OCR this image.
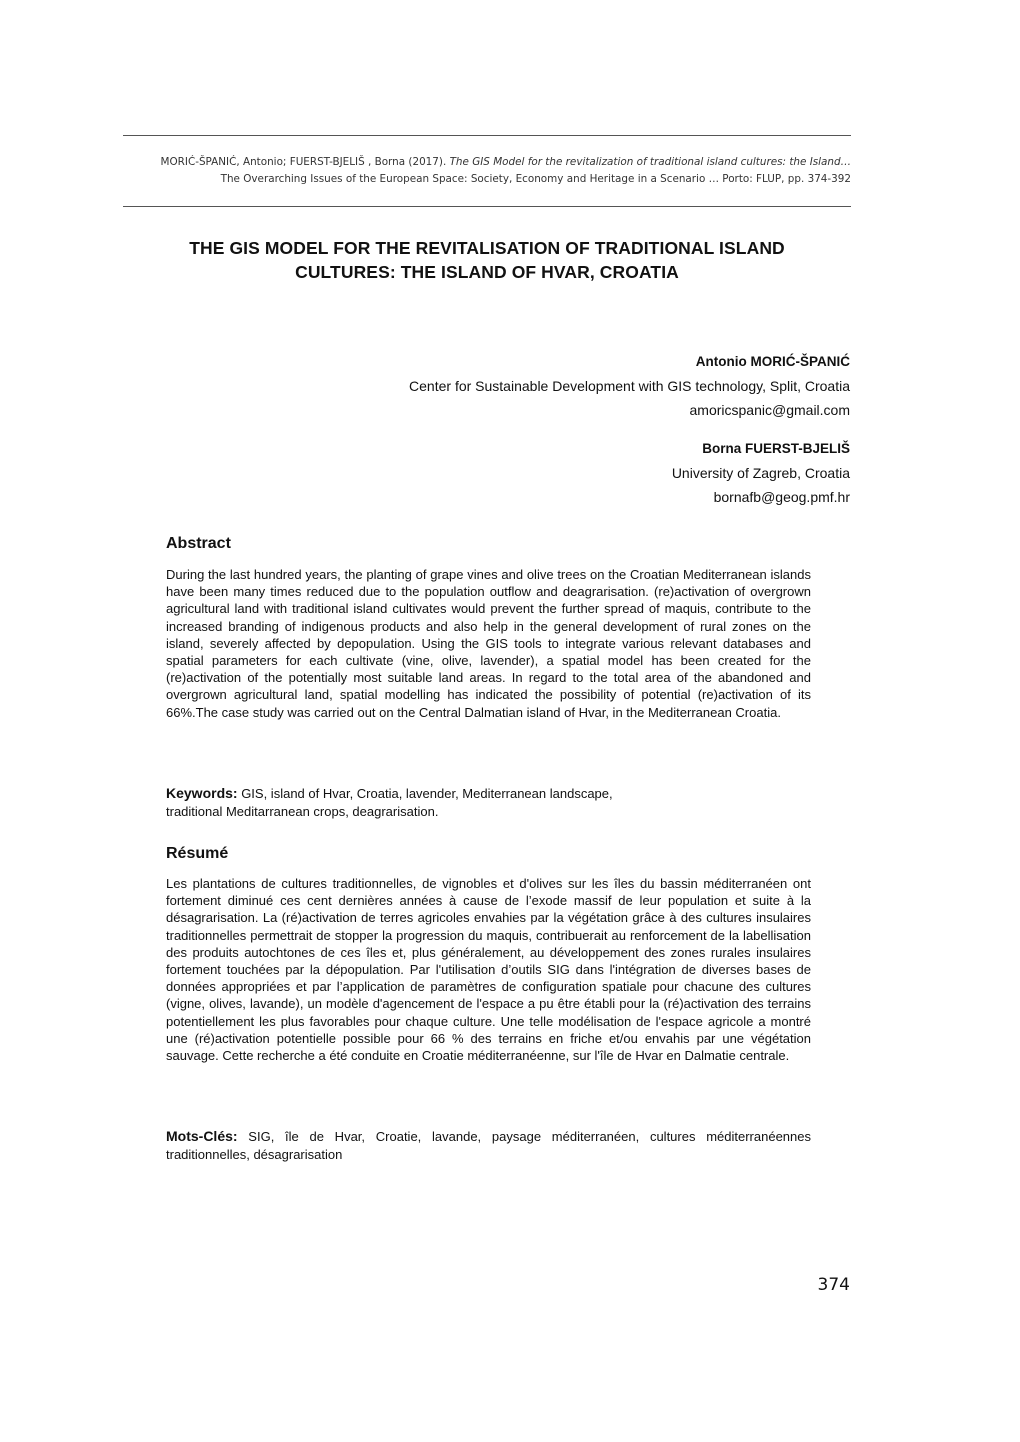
MORIĆ-ŠPANIĆ, Antonio; FUERST-BJELIŠ , Borna (2017). The GIS Model for the revitalization of traditional island cultures: the Island…
The Overarching Issues of the European Space: Society, Economy and Heritage in a Scenario … Porto: FLUP, pp. 374-392
THE GIS MODEL FOR THE REVITALISATION OF TRADITIONAL ISLAND
CULTURES: THE ISLAND OF HVAR, CROATIA
Antonio MORIĆ-ŠPANIĆ
Center for Sustainable Development with GIS technology, Split, Croatia
amoricspanic@gmail.com
Borna FUERST-BJELIŠ
University of Zagreb, Croatia
bornafb@geog.pmf.hr
Abstract

During the last hundred years, the planting of grape vines and olive trees on the Croatian Mediterranean islands have been many times reduced due to the population outflow and deagrarisation. (re)activation of overgrown agricultural land with traditional island cultivates would prevent the further spread of maquis, contribute to the increased branding of indigenous products and also help in the general development of rural zones on the island, severely affected by depopulation. Using the GIS tools to integrate various relevant databases and spatial parameters for each cultivate (vine, olive, lavender), a spatial model has been created for the (re)activation of the potentially most suitable land areas. In regard to the total area of the abandoned and overgrown agricultural land, spatial modelling has indicated the possibility of potential (re)activation of its 66%.The case study was carried out on the Central Dalmatian island of Hvar, in the Mediterranean Croatia.

Keywords: GIS, island of Hvar, Croatia, lavender, Mediterranean landscape,
traditional Meditarranean crops, deagrarisation.

Résumé

Les plantations de cultures traditionnelles, de vignobles et d'olives sur les îles du bassin méditerranéen ont fortement diminué ces cent dernières années à cause de l’exode massif de leur population et suite à la désagrarisation. La (ré)activation de terres agricoles envahies par la végétation grâce à des cultures insulaires traditionnelles permettrait de stopper la progression du maquis, contribuerait au renforcement de la labellisation des produits autochtones de ces îles et, plus généralement, au développement des zones rurales insulaires fortement touchées par la dépopulation. Par l'utilisation d’outils SIG dans l'intégration de diverses bases de données appropriées et par l’application de paramètres de configuration spatiale pour chacune des cultures (vigne, olives, lavande), un modèle d'agencement de l'espace a pu être établi pour la (ré)activation des terrains potentiellement les plus favorables pour chaque culture. Une telle modélisation de l'espace agricole a montré une (ré)activation potentielle possible pour 66 % des terrains en friche et/ou envahis par une végétation sauvage. Cette recherche a été conduite en Croatie méditerranéenne, sur l'île de Hvar en Dalmatie centrale.

Mots-Clés: SIG, île de Hvar, Croatie, lavande, paysage méditerranéen, cultures méditerranéennes traditionnelles, désagrarisation

374
